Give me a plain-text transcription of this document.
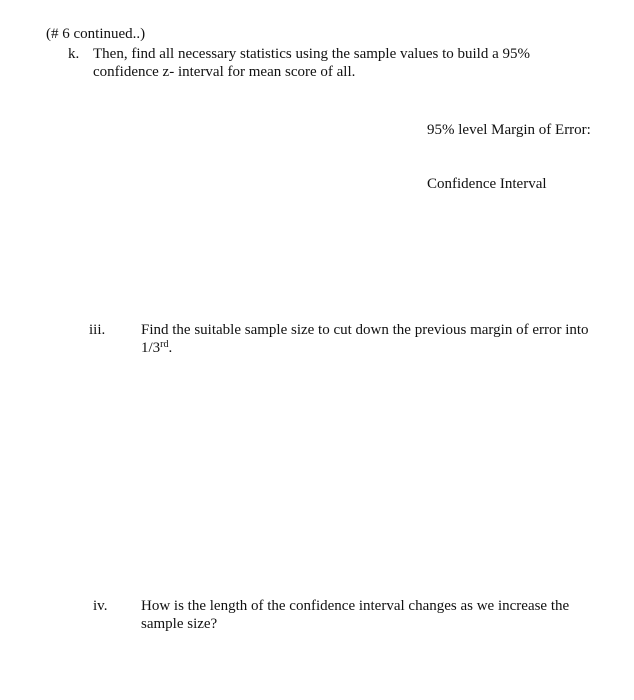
(# 6 continued..)
k. Then, find all necessary statistics using the sample values to build a 95%
confidence z- interval for mean score of all.
95% level Margin of Error:
Confidence Interval
iii. Find the suitable sample size to cut down the previous margin of error into
1/3rd.
iv. How is the length of the confidence interval changes as we increase the
sample size?
